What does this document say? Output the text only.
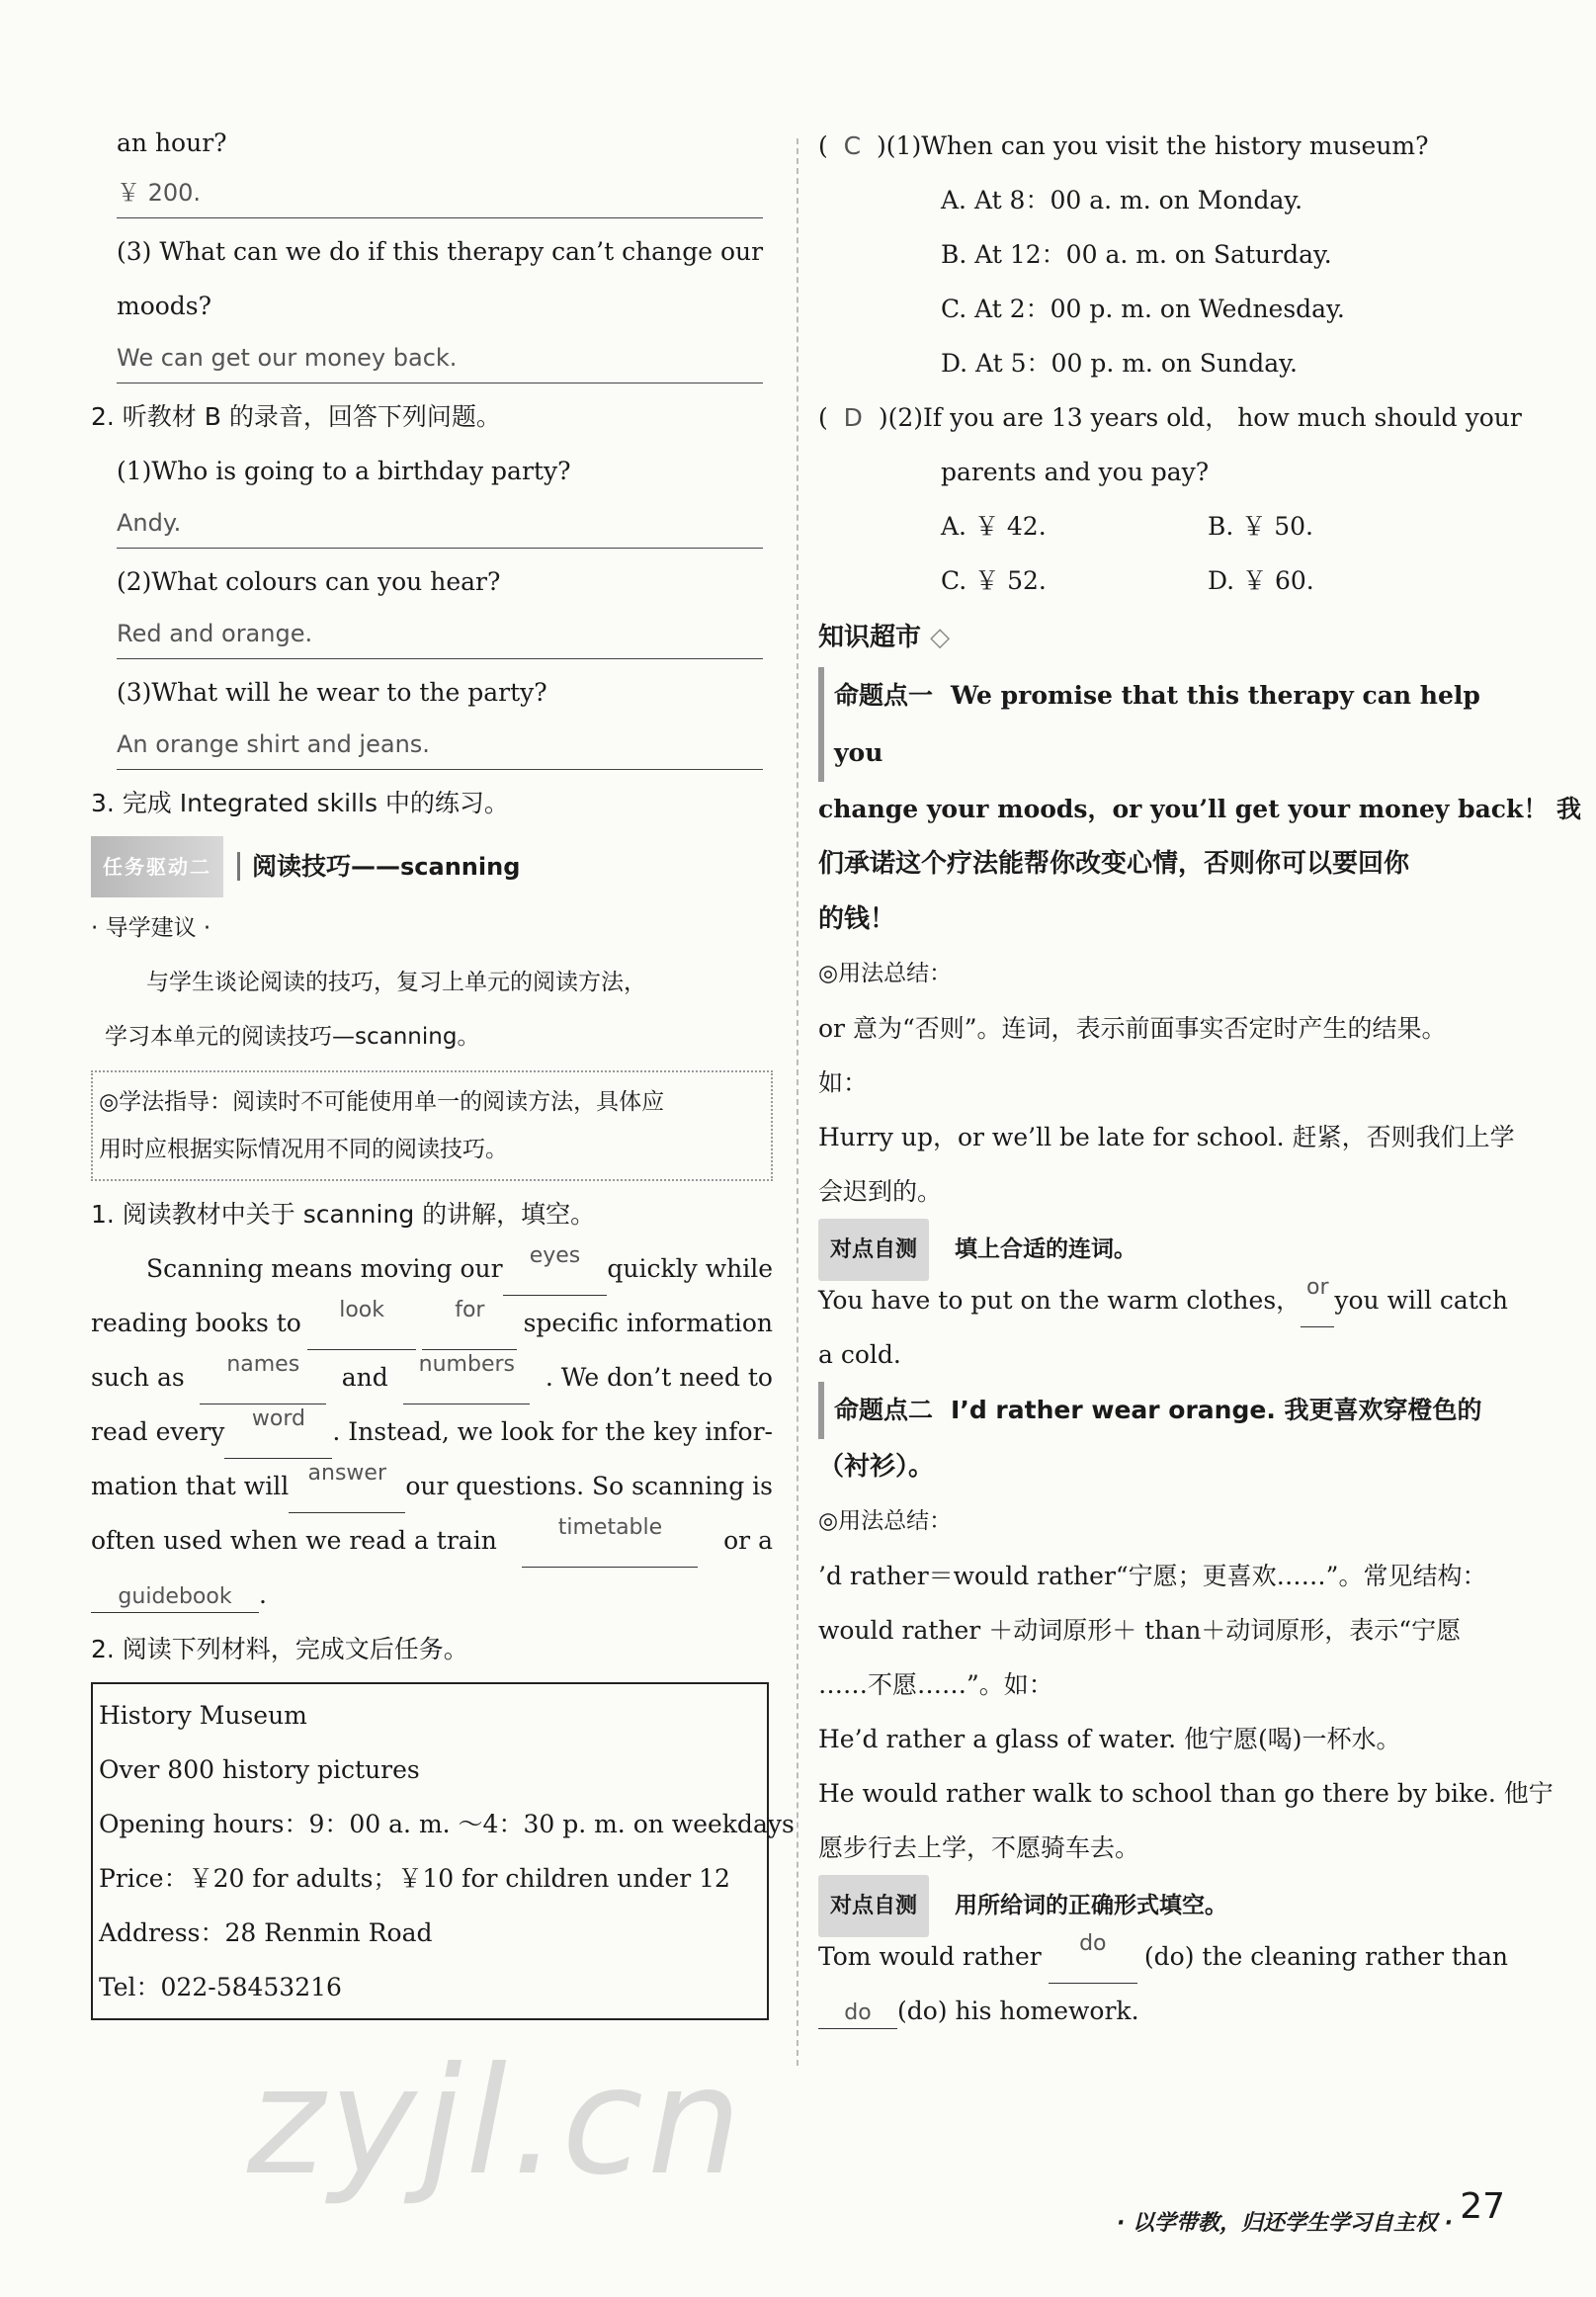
an hour?
￥ 200.
(3) What can we do if this therapy can’t change our
moods?
We can get our money back.
2. 听教材 B 的录音，回答下列问题。
(1)Who is going to a birthday party?
Andy.
(2)What colours can you hear?
Red and orange.
(3)What will he wear to the party?
An orange shirt and jeans.
3. 完成 Integrated skills 中的练习。
任务驱动二 阅读技巧——scanning
· 导学建议 ·
与学生谈论阅读的技巧，复习上单元的阅读方法，
学习本单元的阅读技巧—scanning。
◎学法指导：阅读时不可能使用单一的阅读方法，具体应
用时应根据实际情况用不同的阅读技巧。
1. 阅读教材中关于 scanning 的讲解，填空。
Scanning means moving our	eyes	quickly while
reading books to	look	for	specific information
such as	names	and	numbers	. We don’t need to
read every	word	. Instead, we look for the key infor-
mation that will answer our questions. So scanning is
often used when we read a train	timetable	or a
guidebook .
2. 阅读下列材料，完成文后任务。
History Museum
Over 800 history pictures
Opening hours：9：00 a. m. ～4：30 p. m. on weekdays
Price：￥20 for adults；￥10 for children under 12
Address：28 Renmin Road
Tel：022-58453216
(  C  )(1)When can you visit the history museum?
A. At 8：00 a. m. on Monday.
B. At 12：00 a. m. on Saturday.
C. At 2：00 p. m. on Wednesday.
D. At 5：00 p. m. on Sunday.
(  D  )(2)If you are 13 years old， how much should your
parents and you pay?
A. ￥ 42.	B. ￥ 50.
C. ￥ 52.	D. ￥ 60.
知识超市 ◇
命题点一 We promise that this therapy can help you
change your moods，or you’ll get your money back！ 我
们承诺这个疗法能帮你改变心情，否则你可以要回你
的钱！
◎用法总结：
or 意为“否则”。连词，表示前面事实否定时产生的结果。
如：
Hurry up，or we’ll be late for school. 赶紧，否则我们上学
会迟到的。
对点自测 填上合适的连词。
You have to put on the warm clothes， or you will catch
a cold.
命题点二 I’d rather wear orange. 我更喜欢穿橙色的
（衬衫）。
◎用法总结：
’d rather＝would rather“宁愿；更喜欢……”。常见结构：
would rather ＋动词原形＋ than＋动词原形，表示“宁愿
……不愿……”。如：
He’d rather a glass of water. 他宁愿(喝)一杯水。
He would rather walk to school than go there by bike. 他宁
愿步行去上学，不愿骑车去。
对点自测 用所给词的正确形式填空。
Tom would rather	do	(do) the cleaning rather than
do (do) his homework.
zyjl.cn
· 以学带教，归还学生学习自主权 · 27
